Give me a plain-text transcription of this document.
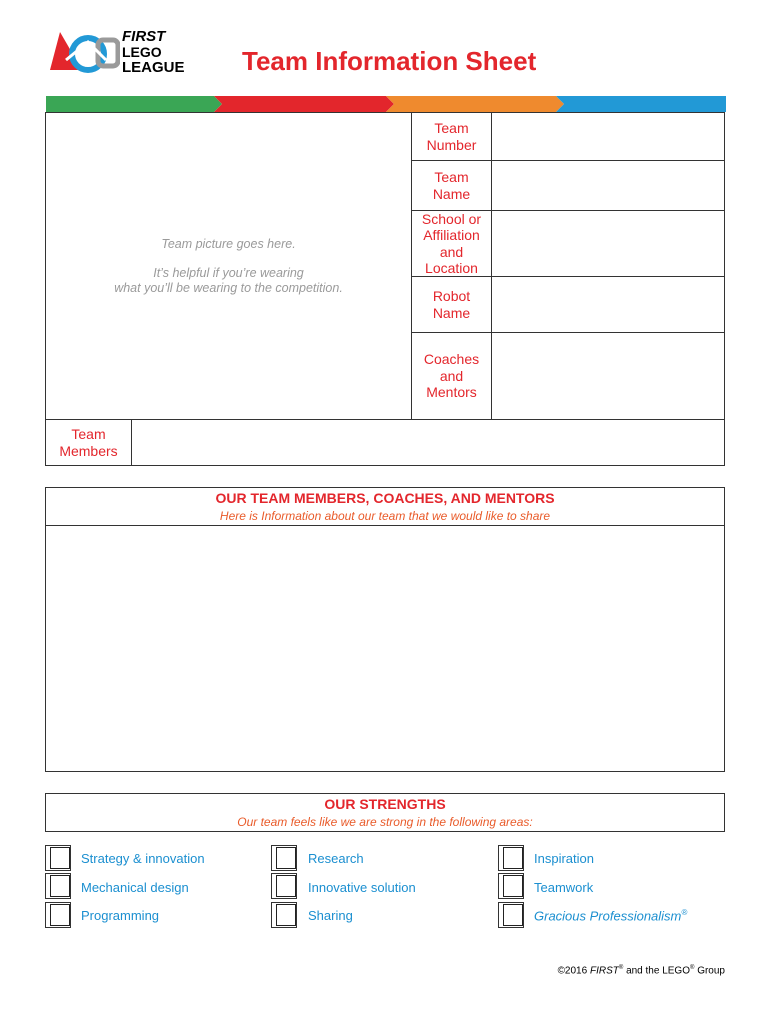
FIRST
LEGO
LEAGUE Team Information Sheet
Team picture goes here.
It’s helpful if you’re wearing
what you’ll be wearing to the competition.
Team
Number
Team
Name
School or
Affiliation
and
Location
Robot
Name
Coaches
and
Mentors
Team
Members
OUR TEAM MEMBERS, COACHES, AND MENTORS
Here is Information about our team that we would like to share
OUR STRENGTHS
Our team feels like we are strong in the following areas:
Strategy & innovation
Mechanical design
Programming
Research
Innovative solution
Sharing
Inspiration
Teamwork
Gracious Professionalism®
©2016 FIRST® and the LEGO® Group
